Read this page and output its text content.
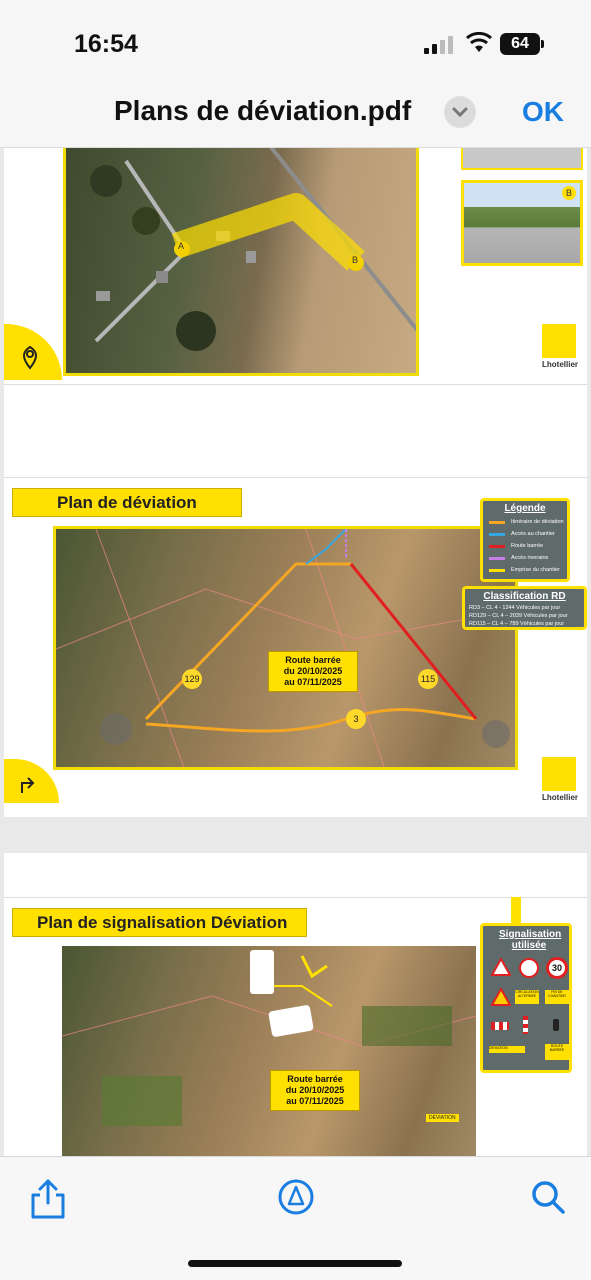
16:54	64
Plans de déviation.pdf	OK
A
B
B
Lhotellier
Plan de déviation
Route barrée
du 20/10/2025
au 07/11/2025
129	115
3
Légende
Itinéraire de déviation
Accès au chantier
Route barrée
Accès riverains
Emprise du chantier
Classification RD
RD3 – CL 4 - 1244 Véhicules par jour
RD129 – CL 4 – 2039 Véhicules par jour
RD115 – CL 4 – 789 Véhicules par jour
Lhotellier
Plan de signalisation Déviation
Route barrée
du 20/10/2025
au 07/11/2025
DÉVIATION
Signalisation utilisée
30
CIRCULATION ALTERNÉE
FIN DE CHANTIER
DÉVIATION	ROUTE BARRÉE
